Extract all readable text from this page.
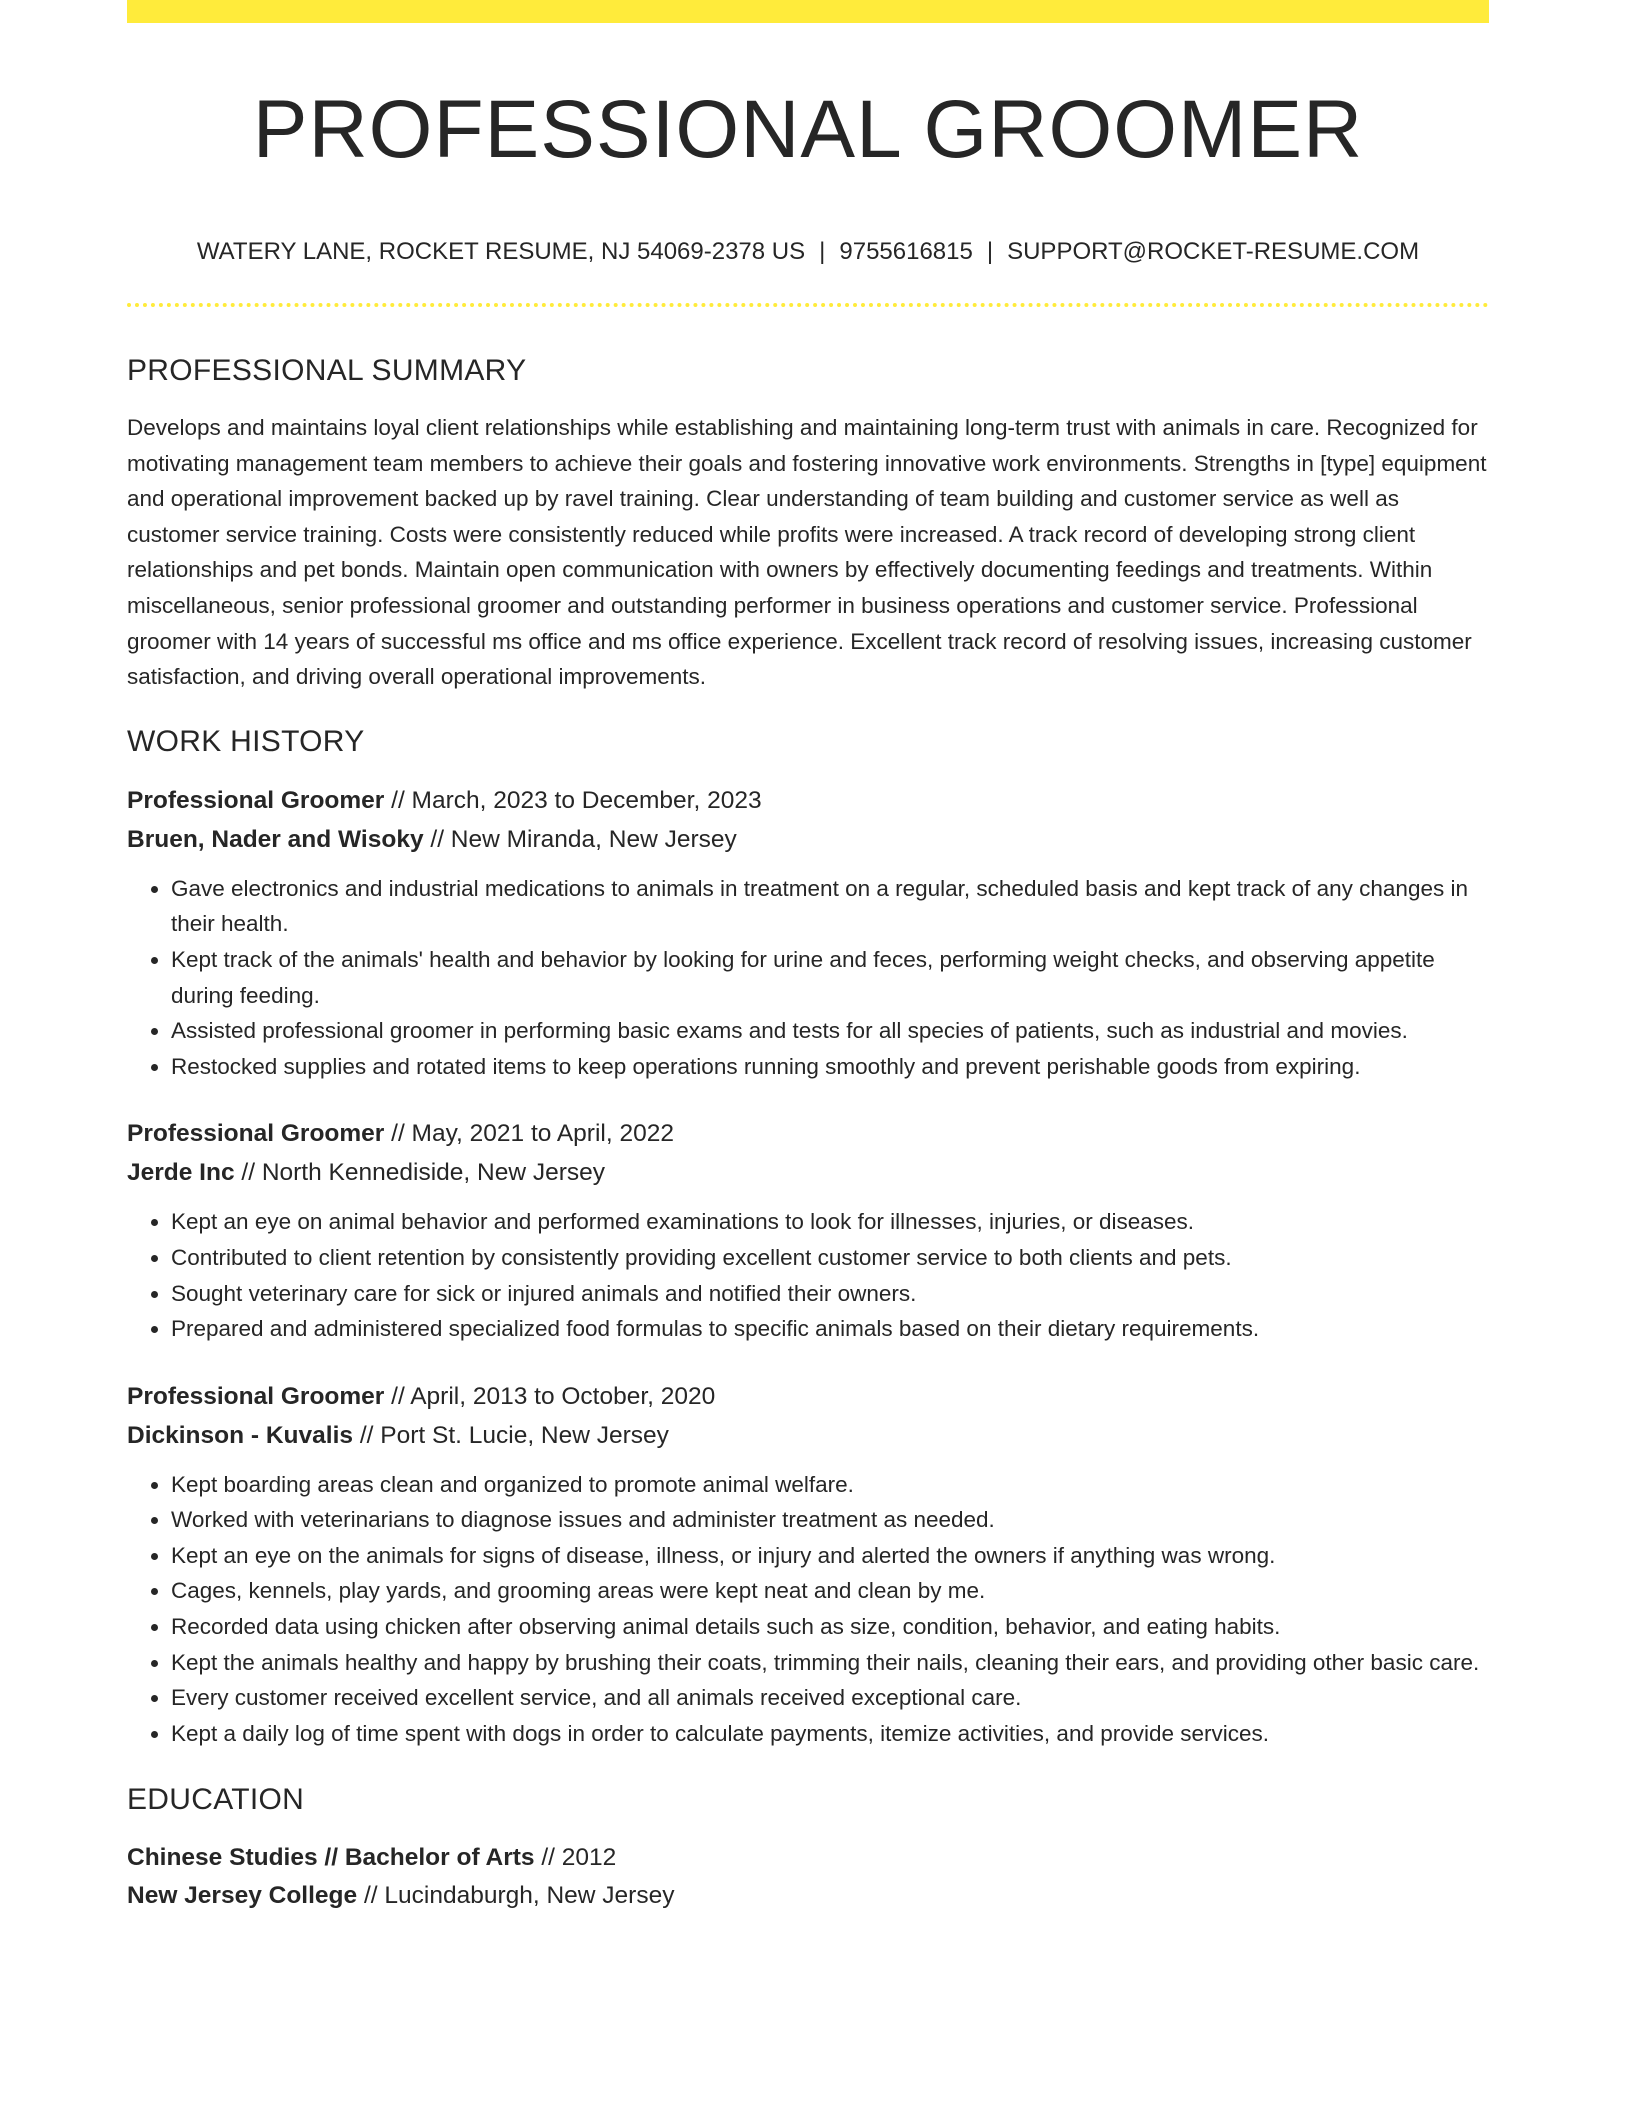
PROFESSIONAL GROOMER
WATERY LANE, ROCKET RESUME, NJ 54069-2378 US | 9755616815 | SUPPORT@ROCKET-RESUME.COM
PROFESSIONAL SUMMARY

Develops and maintains loyal client relationships while establishing and maintaining long-term trust with animals in care. Recognized for motivating management team members to achieve their goals and fostering innovative work environments. Strengths in [type] equipment and operational improvement backed up by ravel training. Clear understanding of team building and customer service as well as customer service training. Costs were consistently reduced while profits were increased. A track record of developing strong client relationships and pet bonds. Maintain open communication with owners by effectively documenting feedings and treatments. Within miscellaneous, senior professional groomer and outstanding performer in business operations and customer service. Professional groomer with 14 years of successful ms office and ms office experience. Excellent track record of resolving issues, increasing customer satisfaction, and driving overall operational improvements.

WORK HISTORY
Professional Groomer // March, 2023 to December, 2023
Bruen, Nader and Wisoky // New Miranda, New Jersey
• Gave electronics and industrial medications to animals in treatment on a regular, scheduled basis and kept track of any changes in their health.
• Kept track of the animals' health and behavior by looking for urine and feces, performing weight checks, and observing appetite during feeding.
• Assisted professional groomer in performing basic exams and tests for all species of patients, such as industrial and movies.
• Restocked supplies and rotated items to keep operations running smoothly and prevent perishable goods from expiring.
Professional Groomer // May, 2021 to April, 2022
Jerde Inc // North Kennediside, New Jersey
• Kept an eye on animal behavior and performed examinations to look for illnesses, injuries, or diseases.
• Contributed to client retention by consistently providing excellent customer service to both clients and pets.
• Sought veterinary care for sick or injured animals and notified their owners.
• Prepared and administered specialized food formulas to specific animals based on their dietary requirements.
Professional Groomer // April, 2013 to October, 2020
Dickinson - Kuvalis // Port St. Lucie, New Jersey
• Kept boarding areas clean and organized to promote animal welfare.
• Worked with veterinarians to diagnose issues and administer treatment as needed.
• Kept an eye on the animals for signs of disease, illness, or injury and alerted the owners if anything was wrong.
• Cages, kennels, play yards, and grooming areas were kept neat and clean by me.
• Recorded data using chicken after observing animal details such as size, condition, behavior, and eating habits.
• Kept the animals healthy and happy by brushing their coats, trimming their nails, cleaning their ears, and providing other basic care.
• Every customer received excellent service, and all animals received exceptional care.
• Kept a daily log of time spent with dogs in order to calculate payments, itemize activities, and provide services.
EDUCATION
Chinese Studies // Bachelor of Arts // 2012
New Jersey College // Lucindaburgh, New Jersey
